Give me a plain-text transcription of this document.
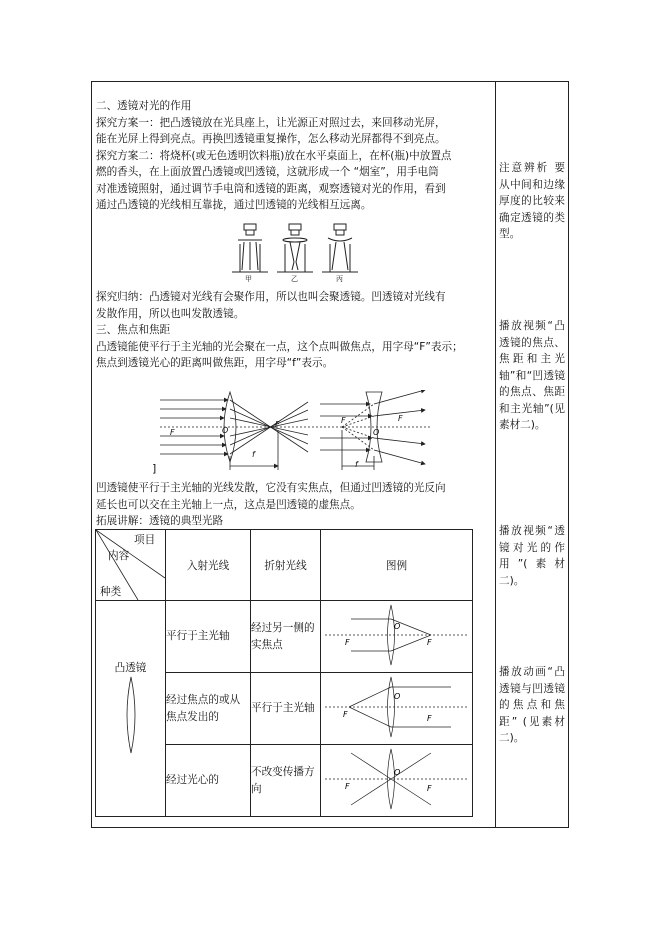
二、透镜对光的作用

探究方案一：把凸透镜放在光具座上，让光源正对照过去，来回移动光屏，

能在光屏上得到亮点。再换凹透镜重复操作，怎么移动光屏都得不到亮点。

探究方案二：将烧杯(或无色透明饮料瓶)放在水平桌面上，在杯(瓶)中放置点

燃的香头，在上面放置凸透镜或凹透镜，这就形成一个 “烟室”，用手电筒

对准透镜照射，通过调节手电筒和透镜的距离，观察透镜对光的作用，看到

通过凸透镜的光线相互靠拢，通过凹透镜的光线相互远离。

甲	乙	丙

探究归纳：凸透镜对光线有会聚作用，所以也叫会聚透镜。凹透镜对光线有

发散作用，所以也叫发散透镜。

三、焦点和焦距

凸透镜能使平行于主光轴的光会聚在一点，这个点叫做焦点，用字母“F”表示；

焦点到透镜光心的距离叫做焦距，用字母“f”表示。

F	O
F
f
F	F
O
f
]

凹透镜使平行于主光轴的光线发散，它没有实焦点，但通过凹透镜的光反向

延长也可以交在主光轴上一点，这点是凹透镜的虚焦点。

拓展讲解：透镜的典型光路

项目
内容
种类	入射光线	折射光线	图例

凸透镜	平行于主光轴	经过另一侧的实焦点	F
O
F

	经过焦点的或从焦点发出的	平行于主光轴	F
O
F

	经过光心的	不改变传播方向	F
O
F
注意辨析 要从中间和边缘厚度的比较来确定透镜的类型。
播放视频“凸透镜的焦点、焦距和主光轴”和“凹透镜的焦点、焦距和主光轴”(见素材二)。
播放视频“透镜对光的作用”(素材二)。
播放动画“凸透镜与凹透镜的焦点和焦距” (见素材二)。
